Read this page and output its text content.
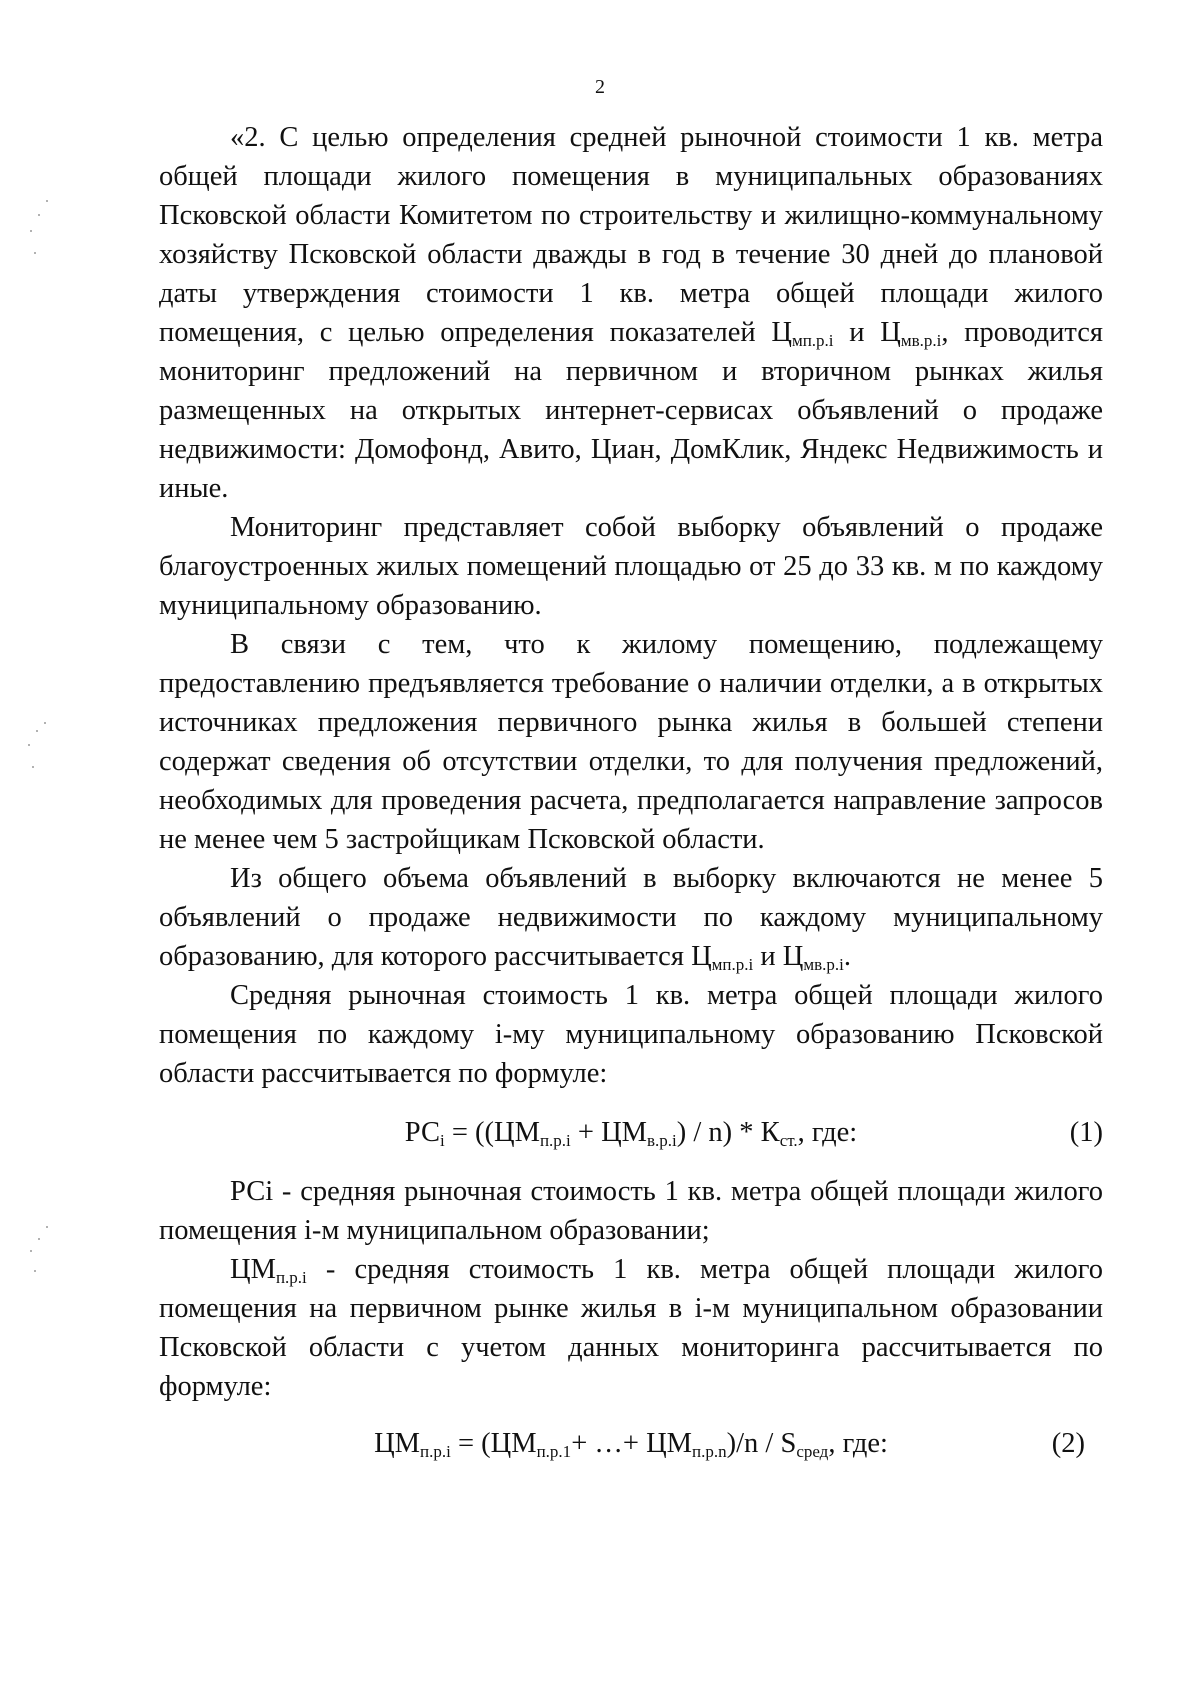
2

«2. С целью определения средней рыночной стоимости 1 кв. метра общей площади жилого помещения в муниципальных образованиях Псковской области Комитетом по строительству и жилищно-коммунальному хозяйству Псковской области дважды в год в течение 30 дней до плановой даты утверждения стоимости 1 кв. метра общей площади жилого помещения, с целью определения показателей $Ц_{мп.р.i}$ и $Ц_{мв.р.i}$, проводится мониторинг предложений на первичном и вторичном рынках жилья размещенных на открытых интернет-сервисах объявлений о продаже недвижимости: Домофонд, Авито, Циан, ДомКлик, Яндекс Недвижимость и иные.

Мониторинг представляет собой выборку объявлений о продаже благоустроенных жилых помещений площадью от 25 до 33 кв. м по каждому муниципальному образованию.

В связи с тем, что к жилому помещению, подлежащему предоставлению предъявляется требование о наличии отделки, а в открытых источниках предложения первичного рынка жилья в большей степени содержат сведения об отсутствии отделки, то для получения предложений, необходимых для проведения расчета, предполагается направление запросов не менее чем 5 застройщикам Псковской области.

Из общего объема объявлений в выборку включаются не менее 5 объявлений о продаже недвижимости по каждому муниципальному образованию, для которого рассчитывается $Ц_{мп.р.i}$ и $Ц_{мв.р.i}$.

Средняя рыночная стоимость 1 кв. метра общей площади жилого помещения по каждому i-му муниципальному образованию Псковской области рассчитывается по формуле:

$РС_i = ((ЦМ_{п.р.i} + ЦМ_{в.р.i}) / n) * К_{ст.}$, где:	(1)

РСi - средняя рыночная стоимость 1 кв. метра общей площади жилого помещения i-м муниципальном образовании;

$ЦМ_{п.р.i}$ - средняя стоимость 1 кв. метра общей площади жилого помещения на первичном рынке жилья в i-м муниципальном образовании Псковской области с учетом данных мониторинга рассчитывается по формуле:

$ЦМ_{п.р.i} = (ЦМ_{п.р.1}+$ …+ $ЦМ_{п.р.n})/n / S_{сред}$, где:	(2)
